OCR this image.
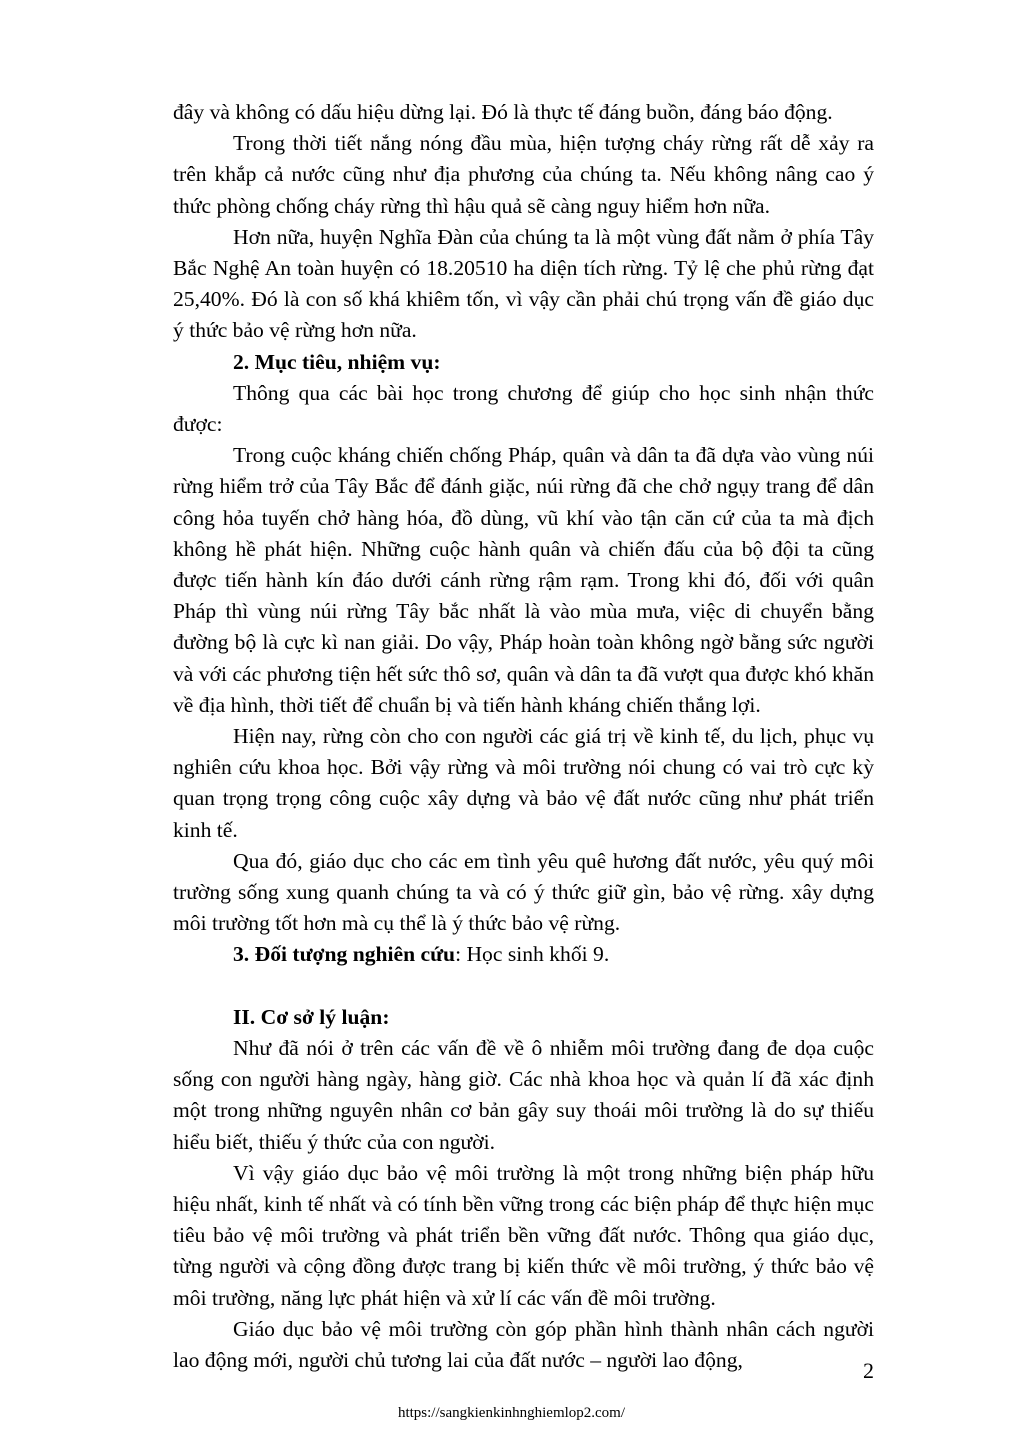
đây và không có dấu hiệu dừng lại. Đó là thực tế đáng buồn, đáng báo động.

Trong thời tiết nắng nóng đầu mùa, hiện tượng cháy rừng rất dễ xảy ra trên khắp cả nước cũng như địa phương của chúng ta. Nếu không nâng cao ý thức phòng chống cháy rừng thì hậu quả sẽ càng nguy hiểm hơn nữa.

Hơn nữa, huyện Nghĩa Đàn của chúng ta là một vùng đất nằm ở phía Tây Bắc Nghệ An toàn huyện có 18.20510 ha diện tích rừng. Tỷ lệ che phủ rừng đạt 25,40%. Đó là con số khá khiêm tốn, vì vậy cần phải chú trọng vấn đề giáo dục ý thức bảo vệ rừng hơn nữa.

2. Mục tiêu, nhiệm vụ:

Thông qua các bài học trong chương để giúp cho học sinh nhận thức được:

Trong cuộc kháng chiến chống Pháp, quân và dân ta đã dựa vào vùng núi rừng hiểm trở của Tây Bắc để đánh giặc, núi rừng đã che chở ngụy trang để dân công hỏa tuyến chở hàng hóa, đồ dùng, vũ khí vào tận căn cứ của ta mà địch không hề phát hiện. Những cuộc hành quân và chiến đấu của bộ đội ta cũng được tiến hành kín đáo dưới cánh rừng rậm rạm. Trong khi đó, đối với quân Pháp thì vùng núi rừng Tây bắc nhất là vào mùa mưa, việc di chuyển bằng đường bộ là cực kì nan giải. Do vậy, Pháp hoàn toàn không ngờ bằng sức người và với các phương tiện hết sức thô sơ, quân và dân ta đã vượt qua được khó khăn về địa hình, thời tiết để chuẩn bị và tiến hành kháng chiến thắng lợi.

Hiện nay, rừng còn cho con người các giá trị về kinh tế, du lịch, phục vụ nghiên cứu khoa học. Bởi vậy rừng và môi trường nói chung có vai trò cực kỳ quan trọng trọng công cuộc xây dựng và bảo vệ đất nước cũng như phát triển kinh tế.

Qua đó, giáo dục cho các em tình yêu quê hương đất nước, yêu quý môi trường sống xung quanh chúng ta và có ý thức giữ gìn, bảo vệ rừng. xây dựng môi trường tốt hơn mà cụ thể là ý thức bảo vệ rừng.

3. Đối tượng nghiên cứu: Học sinh khối 9.

II. Cơ sở lý luận:

Như đã nói ở trên các vấn đề về ô nhiễm môi trường đang đe dọa cuộc sống con người hàng ngày, hàng giờ. Các nhà khoa học và quản lí đã xác định một trong những nguyên nhân cơ bản gây suy thoái môi trường là do sự thiếu hiểu biết, thiếu ý thức của con người.

Vì vậy giáo dục bảo vệ môi trường là một trong những biện pháp hữu hiệu nhất, kinh tế nhất và có tính bền vững trong các biện pháp để thực hiện mục tiêu bảo vệ môi trường và phát triển bền vững đất nước. Thông qua giáo dục, từng người và cộng đồng được trang bị kiến thức về môi trường, ý thức bảo vệ môi trường, năng lực phát hiện và xử lí các vấn đề môi trường.

Giáo dục bảo vệ môi trường còn góp phần hình thành nhân cách người lao động mới, người chủ tương lai của đất nước – người lao động,	2
https://sangkienkinhnghiemlop2.com/
